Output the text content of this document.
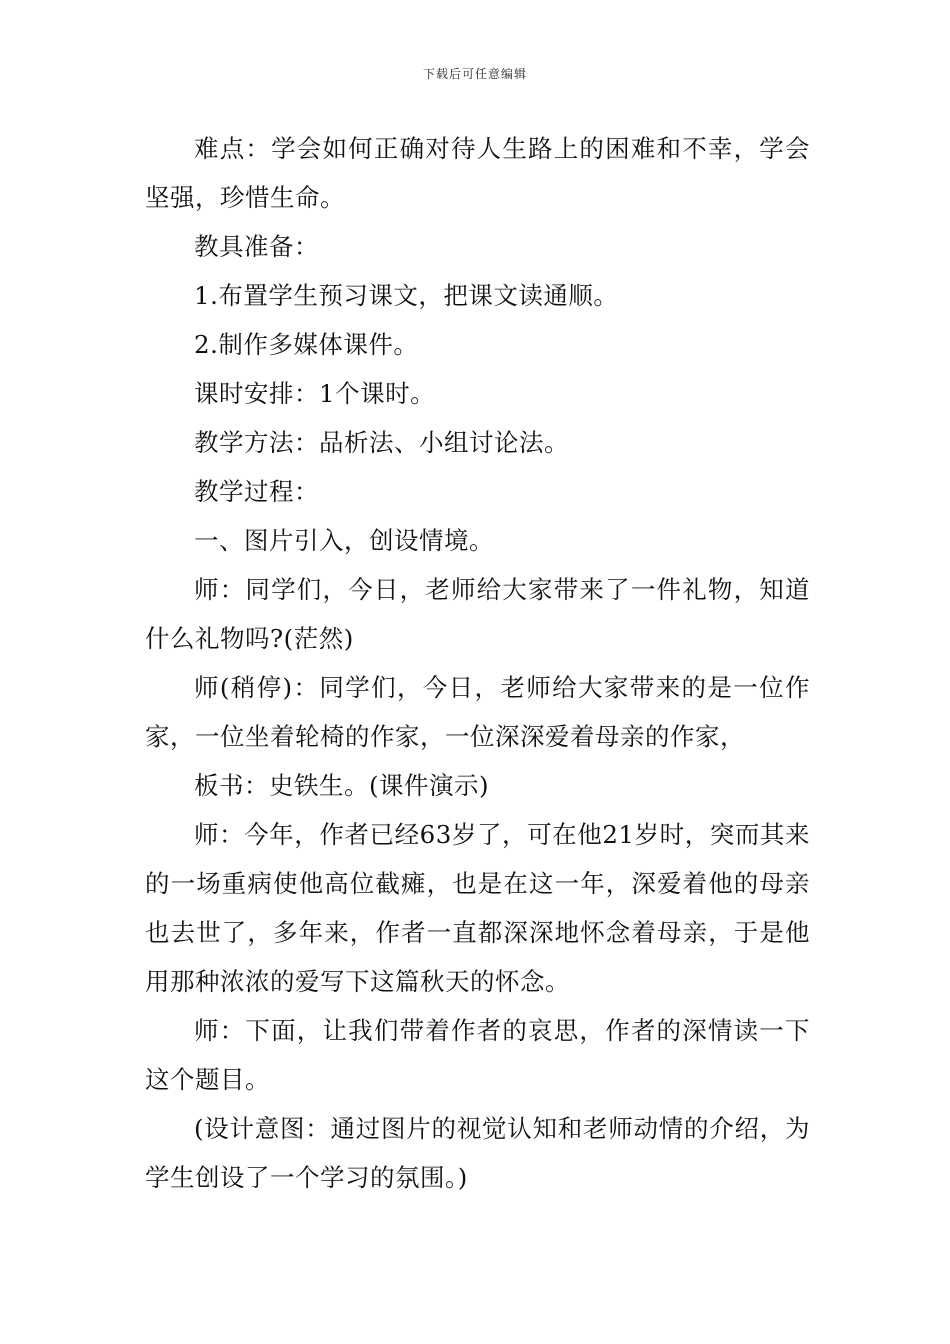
下载后可任意编辑

难点：学会如何正确对待人生路上的困难和不幸，学会坚强，珍惜生命。

教具准备：

1.布置学生预习课文，把课文读通顺。

2.制作多媒体课件。

课时安排：1个课时。

教学方法：品析法、小组讨论法。

教学过程：

一、图片引入，创设情境。

师：同学们，今日，老师给大家带来了一件礼物，知道什么礼物吗?(茫然)

师(稍停)：同学们，今日，老师给大家带来的是一位作家，一位坐着轮椅的作家，一位深深爱着母亲的作家，

板书：史铁生。(课件演示)

师：今年，作者已经63岁了，可在他21岁时，突而其来的一场重病使他高位截瘫，也是在这一年，深爱着他的母亲也去世了，多年来，作者一直都深深地怀念着母亲，于是他用那种浓浓的爱写下这篇秋天的怀念。

师：下面，让我们带着作者的哀思，作者的深情读一下这个题目。

(设计意图：通过图片的视觉认知和老师动情的介绍，为学生创设了一个学习的氛围。)
